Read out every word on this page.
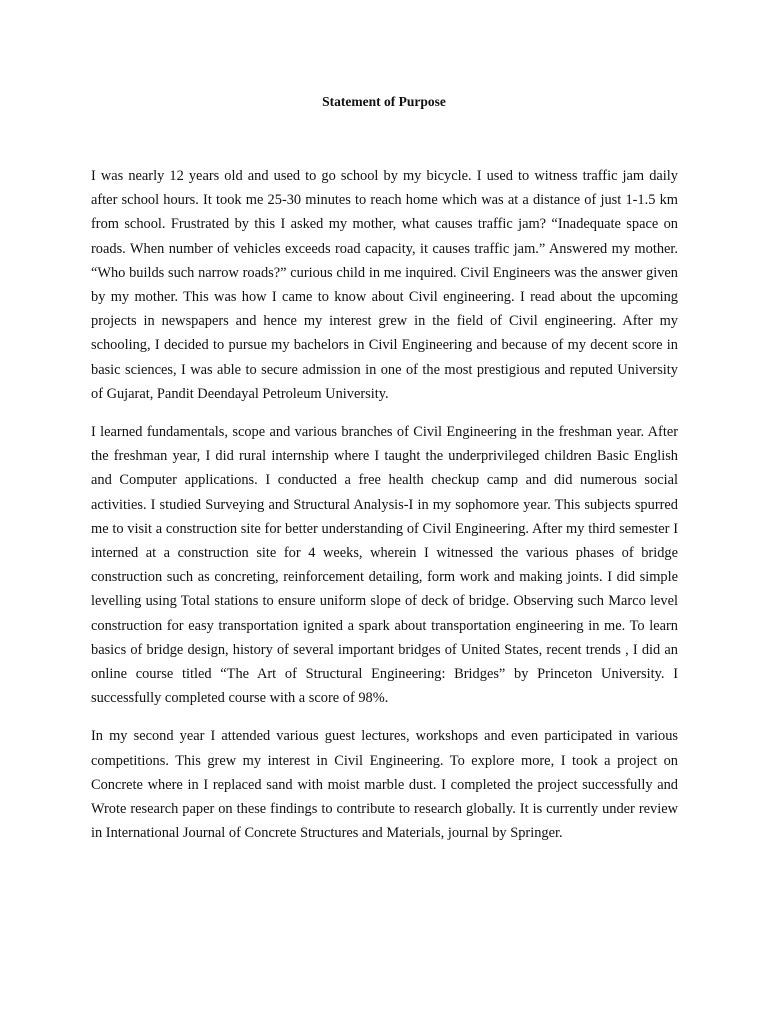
Statement of Purpose

I was nearly 12 years old and used to go school by my bicycle. I used to witness traffic jam daily after school hours. It took me 25-30 minutes to reach home which was at a distance of just 1-1.5 km from school. Frustrated by this I asked my mother, what causes traffic jam? “Inadequate space on roads. When number of vehicles exceeds road capacity, it causes traffic jam.” Answered my mother. “Who builds such narrow roads?” curious child in me inquired. Civil Engineers was the answer given by my mother. This was how I came to know about Civil engineering. I read about the upcoming projects in newspapers and hence my interest grew in the field of Civil engineering. After my schooling, I decided to pursue my bachelors in Civil Engineering and because of my decent score in basic sciences, I was able to secure admission in one of the most prestigious and reputed University of Gujarat, Pandit Deendayal Petroleum University.

I learned fundamentals, scope and various branches of Civil Engineering in the freshman year. After the freshman year, I did rural internship where I taught the underprivileged children Basic English and Computer applications. I conducted a free health checkup camp and did numerous social activities. I studied Surveying and Structural Analysis-I in my sophomore year. This subjects spurred me to visit a construction site for better understanding of Civil Engineering. After my third semester I interned at a construction site for 4 weeks, wherein I witnessed the various phases of bridge construction such as concreting, reinforcement detailing, form work and making joints. I did simple levelling using Total stations to ensure uniform slope of deck of bridge. Observing such Marco level construction for easy transportation ignited a spark about transportation engineering in me. To learn basics of bridge design, history of several important bridges of United States, recent trends , I did an online course titled “The Art of Structural Engineering: Bridges” by Princeton University. I successfully completed course with a score of 98%.

In my second year I attended various guest lectures, workshops and even participated in various competitions. This grew my interest in Civil Engineering. To explore more, I took a project on Concrete where in I replaced sand with moist marble dust. I completed the project successfully and Wrote research paper on these findings to contribute to research globally. It is currently under review in International Journal of Concrete Structures and Materials, journal by Springer.
